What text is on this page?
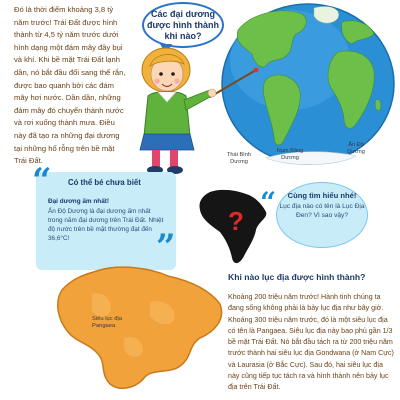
Đó là thời điểm khoảng 3,8 tỷ năm trước! Trái Đất được hình thành từ 4,5 tỷ năm trước dưới hình dạng một đám mây đầy bụi và khí. Khi bề mặt Trái Đất lạnh dần, nó bắt đầu đổi sang thể rắn, được bao quanh bởi các đám mây hơi nước. Dần dần, những đám mây đó chuyển thành nước và rơi xuống thành mưa. Điều này đã tạo ra những đại dương tại những hố rỗng trên bề mặt Trái Đất.
Các đại dương được hình thành khi nào?
Thái Bình Dương
Nam Băng Dương
Ấn Độ Dương
Có thể bé chưa biết
Đại dương ấm nhất!
Ấn Độ Dương là đại dương ấm nhất trong năm đại dương trên Trái Đất. Nhiệt độ nước trên bề mặt thường đạt đến 36,6°C!
“
”
?
Cùng tìm hiểu nhé!
Lục địa nào có tên là Lục Địa Đen? Vì sao vậy?
“
Khi nào lục địa được hình thành?
Khoảng 200 triệu năm trước! Hành tinh chúng ta đang sống không phải là bảy lục địa như bây giờ. Khoảng 300 triệu năm trước, đó là một siêu lục địa có tên là Pangaea. Siêu lục địa này bao phủ gần 1/3 bề mặt Trái Đất. Nó bắt đầu tách ra từ 200 triệu năm trước thành hai siêu lục địa Gondwana (ở Nam Cực) và Laurasia (ở Bắc Cực). Sau đó, hai siêu lục địa này cũng tiếp tục tách ra và hình thành nên bảy lục địa trên Trái Đất.
Siêu lục địa Pangaea
